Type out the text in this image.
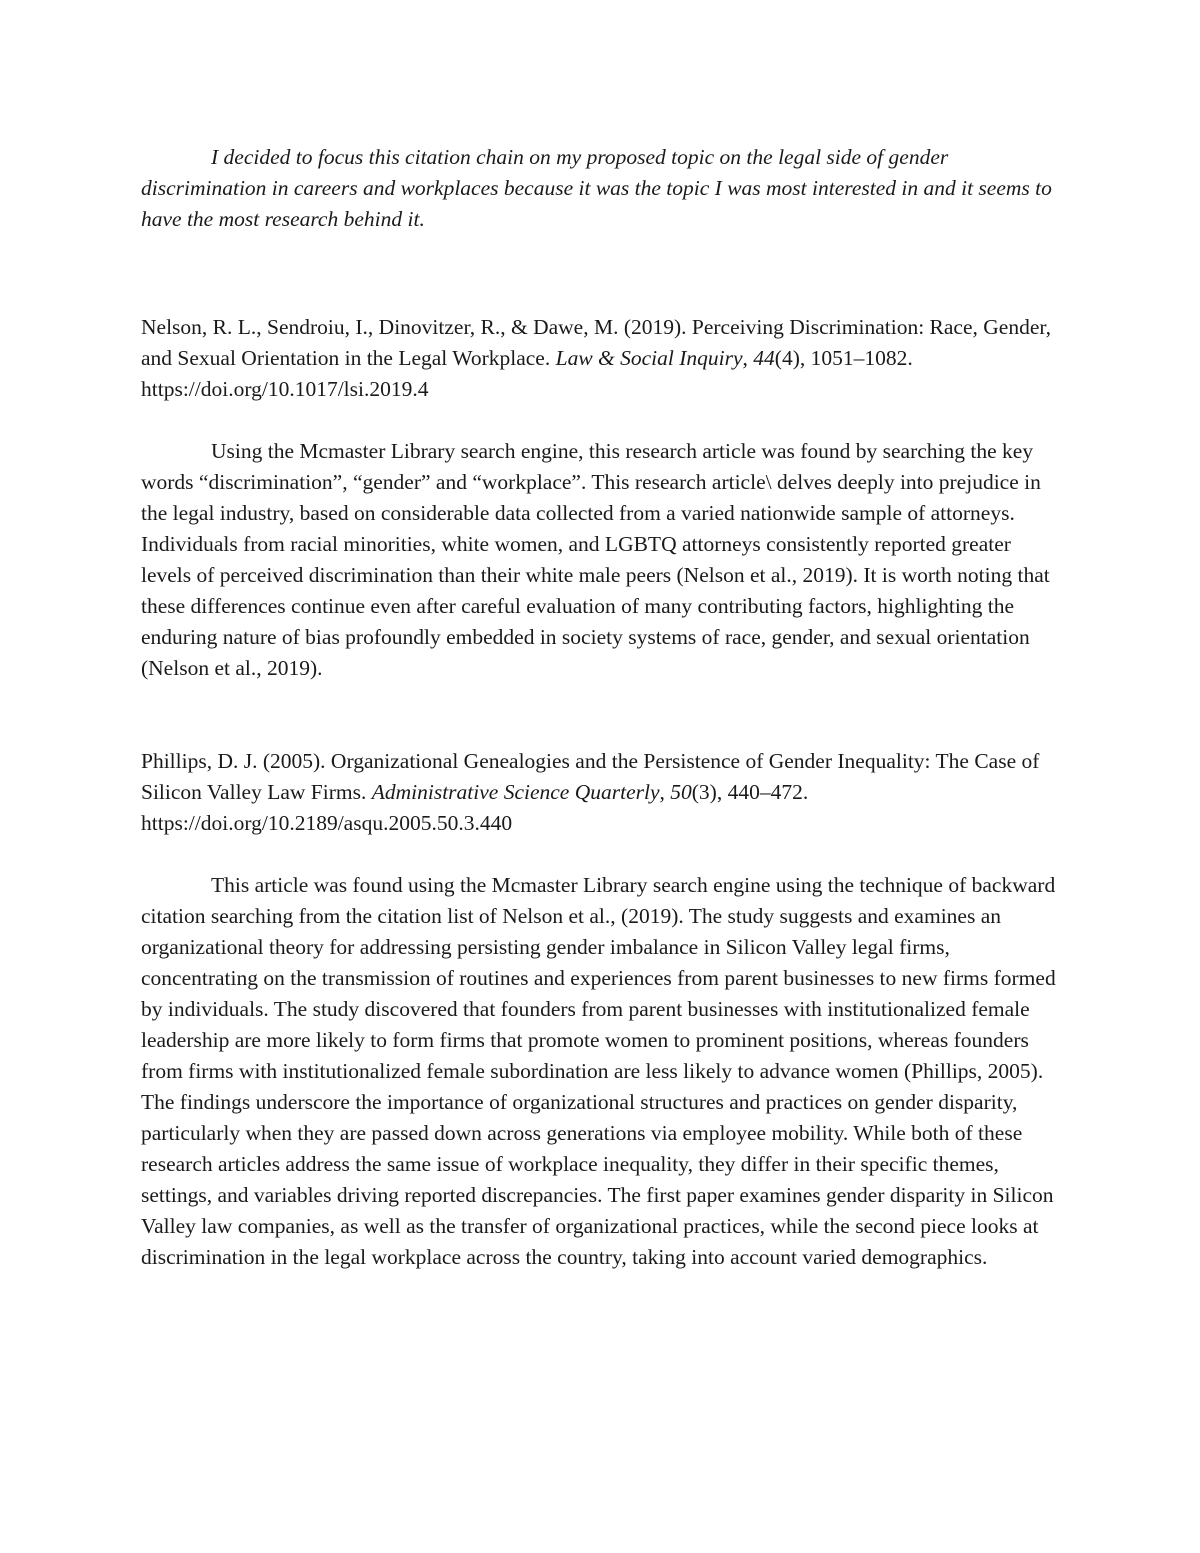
I decided to focus this citation chain on my proposed topic on the legal side of gender discrimination in careers and workplaces because it was the topic I was most interested in and it seems to have the most research behind it.

Nelson, R. L., Sendroiu, I., Dinovitzer, R., & Dawe, M. (2019). Perceiving Discrimination: Race, Gender, and Sexual Orientation in the Legal Workplace. Law & Social Inquiry, 44(4), 1051–1082. https://doi.org/10.1017/lsi.2019.4

Using the Mcmaster Library search engine, this research article was found by searching the key words “discrimination”, “gender” and “workplace”. This research article\ delves deeply into prejudice in the legal industry, based on considerable data collected from a varied nationwide sample of attorneys. Individuals from racial minorities, white women, and LGBTQ attorneys consistently reported greater levels of perceived discrimination than their white male peers (Nelson et al., 2019). It is worth noting that these differences continue even after careful evaluation of many contributing factors, highlighting the enduring nature of bias profoundly embedded in society systems of race, gender, and sexual orientation (Nelson et al., 2019).

Phillips, D. J. (2005). Organizational Genealogies and the Persistence of Gender Inequality: The Case of Silicon Valley Law Firms. Administrative Science Quarterly, 50(3), 440–472. https://doi.org/10.2189/asqu.2005.50.3.440

This article was found using the Mcmaster Library search engine using the technique of backward citation searching from the citation list of Nelson et al., (2019). The study suggests and examines an organizational theory for addressing persisting gender imbalance in Silicon Valley legal firms, concentrating on the transmission of routines and experiences from parent businesses to new firms formed by individuals. The study discovered that founders from parent businesses with institutionalized female leadership are more likely to form firms that promote women to prominent positions, whereas founders from firms with institutionalized female subordination are less likely to advance women (Phillips, 2005). The findings underscore the importance of organizational structures and practices on gender disparity, particularly when they are passed down across generations via employee mobility. While both of these research articles address the same issue of workplace inequality, they differ in their specific themes, settings, and variables driving reported discrepancies. The first paper examines gender disparity in Silicon Valley law companies, as well as the transfer of organizational practices, while the second piece looks at discrimination in the legal workplace across the country, taking into account varied demographics.
